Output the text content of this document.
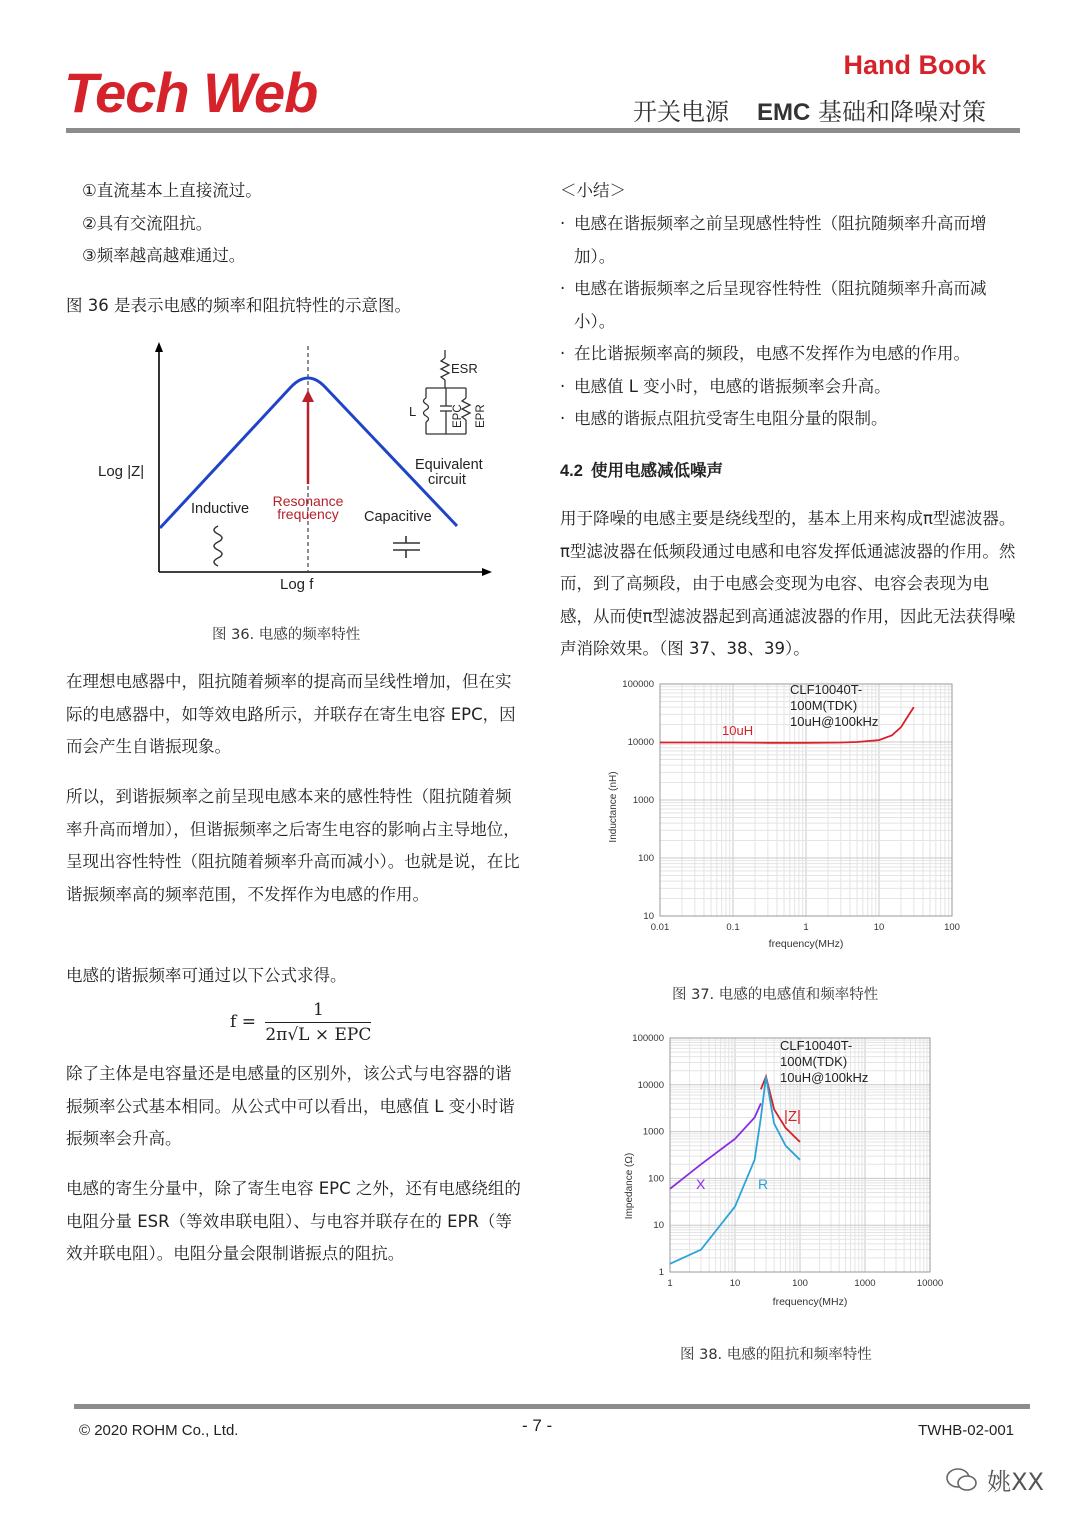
Tech Web	Hand Book
开关电源 EMC 基础和降噪对策
①直流基本上直接流过。
②具有交流阻抗。
③频率越高越难通过。
图 36 是表示电感的频率和阻抗特性的示意图。
Log |Z|
Log f
Inductive Resonance
frequency Capacitive
Equivalent
circuit
ESR
L	EPC EPR
图 36. 电感的频率特性
在理想电感器中，阻抗随着频率的提高而呈线性增加，但在实际的电感器中，如等效电路所示，并联存在寄生电容 EPC，因而会产生自谐振现象。
所以，到谐振频率之前呈现电感本来的感性特性（阻抗随着频率升高而增加），但谐振频率之后寄生电容的影响占主导地位，呈现出容性特性（阻抗随着频率升高而减小）。也就是说，在比谐振频率高的频率范围，不发挥作为电感的作用。
电感的谐振频率可通过以下公式求得。
$f = \frac{1}{\text{2π√L × EPC}}$
除了主体是电容量还是电感量的区别外，该公式与电容器的谐振频率公式基本相同。从公式中可以看出，电感值 L 变小时谐振频率会升高。
电感的寄生分量中，除了寄生电容 EPC 之外，还有电感绕组的电阻分量 ESR（等效串联电阻）、与电容并联存在的 EPR（等效并联电阻）。电阻分量会限制谐振点的阻抗。
＜小结＞
· 电感在谐振频率之前呈现感性特性（阻抗随频率升高而增加）。
· 电感在谐振频率之后呈现容性特性（阻抗随频率升高而减小）。
· 在比谐振频率高的频段，电感不发挥作为电感的作用。
· 电感值 L 变小时，电感的谐振频率会升高。
· 电感的谐振点阻抗受寄生电阻分量的限制。
4.2 使用电感减低噪声
用于降噪的电感主要是绕线型的，基本上用来构成π型滤波器。π型滤波器在低频段通过电感和电容发挥低通滤波器的作用。然而，到了高频段，由于电感会变现为电容、电容会表现为电感，从而使π型滤波器起到高通滤波器的作用，因此无法获得噪声消除效果。（图 37、38、39）。
0.01	0.1	1	10	100
10
100
1000
10000
100000	CLF10040T-
100M(TDK)
10uH@100kHz
10uH
Inductance (nH)
frequency(MHz)
图 37. 电感的电感值和频率特性
1	10	100	1000	10000
1
10
100
1000
10000
100000	CLF10040T-
100M(TDK)
10uH@100kHz
|Z|
X	R
Impedance (Ω)
frequency(MHz)
图 38. 电感的阻抗和频率特性
© 2020 ROHM Co., Ltd.	- 7 -	TWHB-02-001
姚XX
